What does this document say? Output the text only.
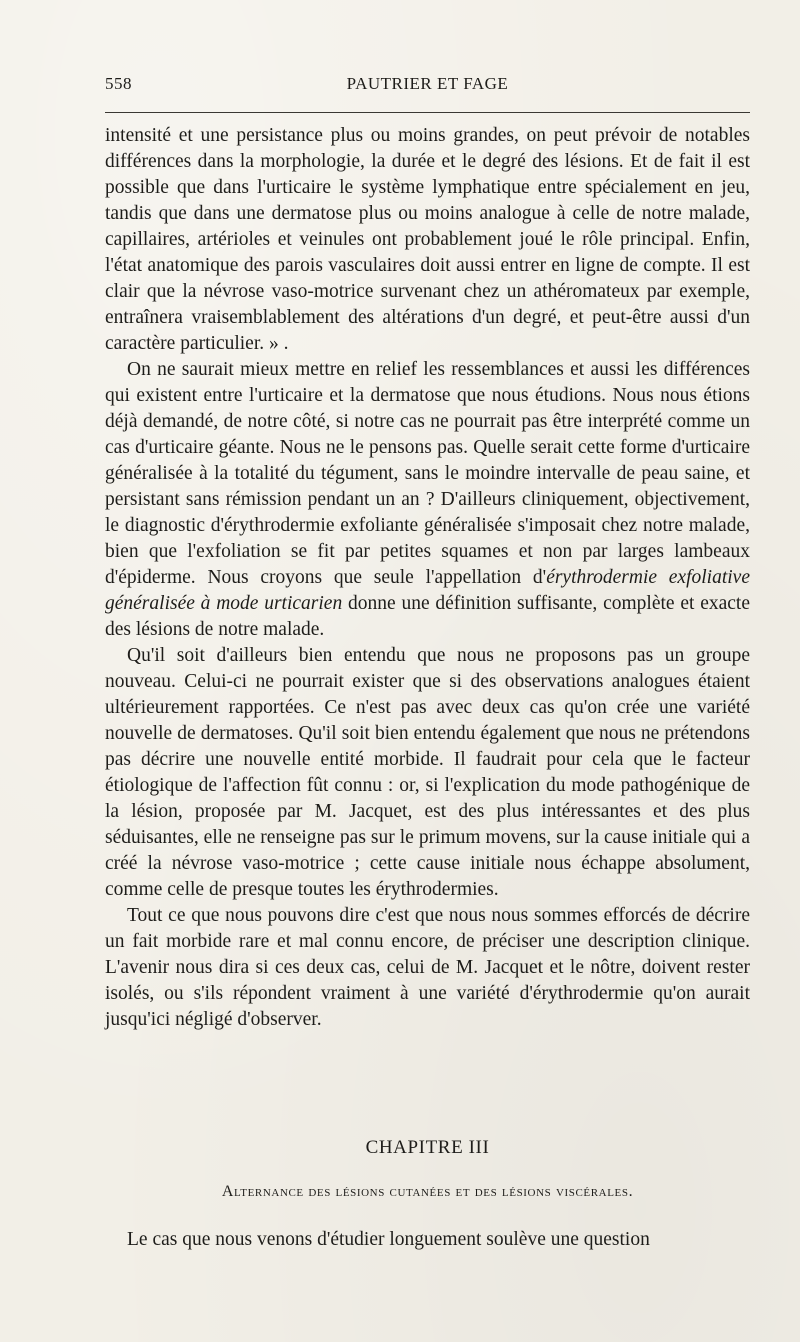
558	PAUTRIER ET FAGE

intensité et une persistance plus ou moins grandes, on peut prévoir de notables différences dans la morphologie, la durée et le degré des lésions. Et de fait il est possible que dans l'urticaire le système lymphatique entre spécialement en jeu, tandis que dans une dermatose plus ou moins analogue à celle de notre malade, capillaires, artérioles et veinules ont probablement joué le rôle principal. Enfin, l'état anatomique des parois vasculaires doit aussi entrer en ligne de compte. Il est clair que la névrose vaso-motrice survenant chez un athéromateux par exemple, entraînera vraisemblablement des altérations d'un degré, et peut-être aussi d'un caractère particulier. » .

On ne saurait mieux mettre en relief les ressemblances et aussi les différences qui existent entre l'urticaire et la dermatose que nous étudions. Nous nous étions déjà demandé, de notre côté, si notre cas ne pourrait pas être interprété comme un cas d'urticaire géante. Nous ne le pensons pas. Quelle serait cette forme d'urticaire généralisée à la totalité du tégument, sans le moindre intervalle de peau saine, et persistant sans rémission pendant un an ? D'ailleurs cliniquement, objectivement, le diagnostic d'érythrodermie exfoliante généralisée s'imposait chez notre malade, bien que l'exfoliation se fit par petites squames et non par larges lambeaux d'épiderme. Nous croyons que seule l'appellation d'érythrodermie exfoliative généralisée à mode urticarien donne une définition suffisante, complète et exacte des lésions de notre malade.

Qu'il soit d'ailleurs bien entendu que nous ne proposons pas un groupe nouveau. Celui-ci ne pourrait exister que si des observations analogues étaient ultérieurement rapportées. Ce n'est pas avec deux cas qu'on crée une variété nouvelle de dermatoses. Qu'il soit bien entendu également que nous ne prétendons pas décrire une nouvelle entité morbide. Il faudrait pour cela que le facteur étiologique de l'affection fût connu : or, si l'explication du mode pathogénique de la lésion, proposée par M. Jacquet, est des plus intéressantes et des plus séduisantes, elle ne renseigne pas sur le primum movens, sur la cause initiale qui a créé la névrose vaso-motrice ; cette cause initiale nous échappe absolument, comme celle de presque toutes les érythrodermies.

Tout ce que nous pouvons dire c'est que nous nous sommes efforcés de décrire un fait morbide rare et mal connu encore, de préciser une description clinique. L'avenir nous dira si ces deux cas, celui de M. Jacquet et le nôtre, doivent rester isolés, ou s'ils répondent vraiment à une variété d'érythrodermie qu'on aurait jusqu'ici négligé d'observer.

CHAPITRE III
Alternance des lésions cutanées et des lésions viscérales.
Le cas que nous venons d'étudier longuement soulève une question
